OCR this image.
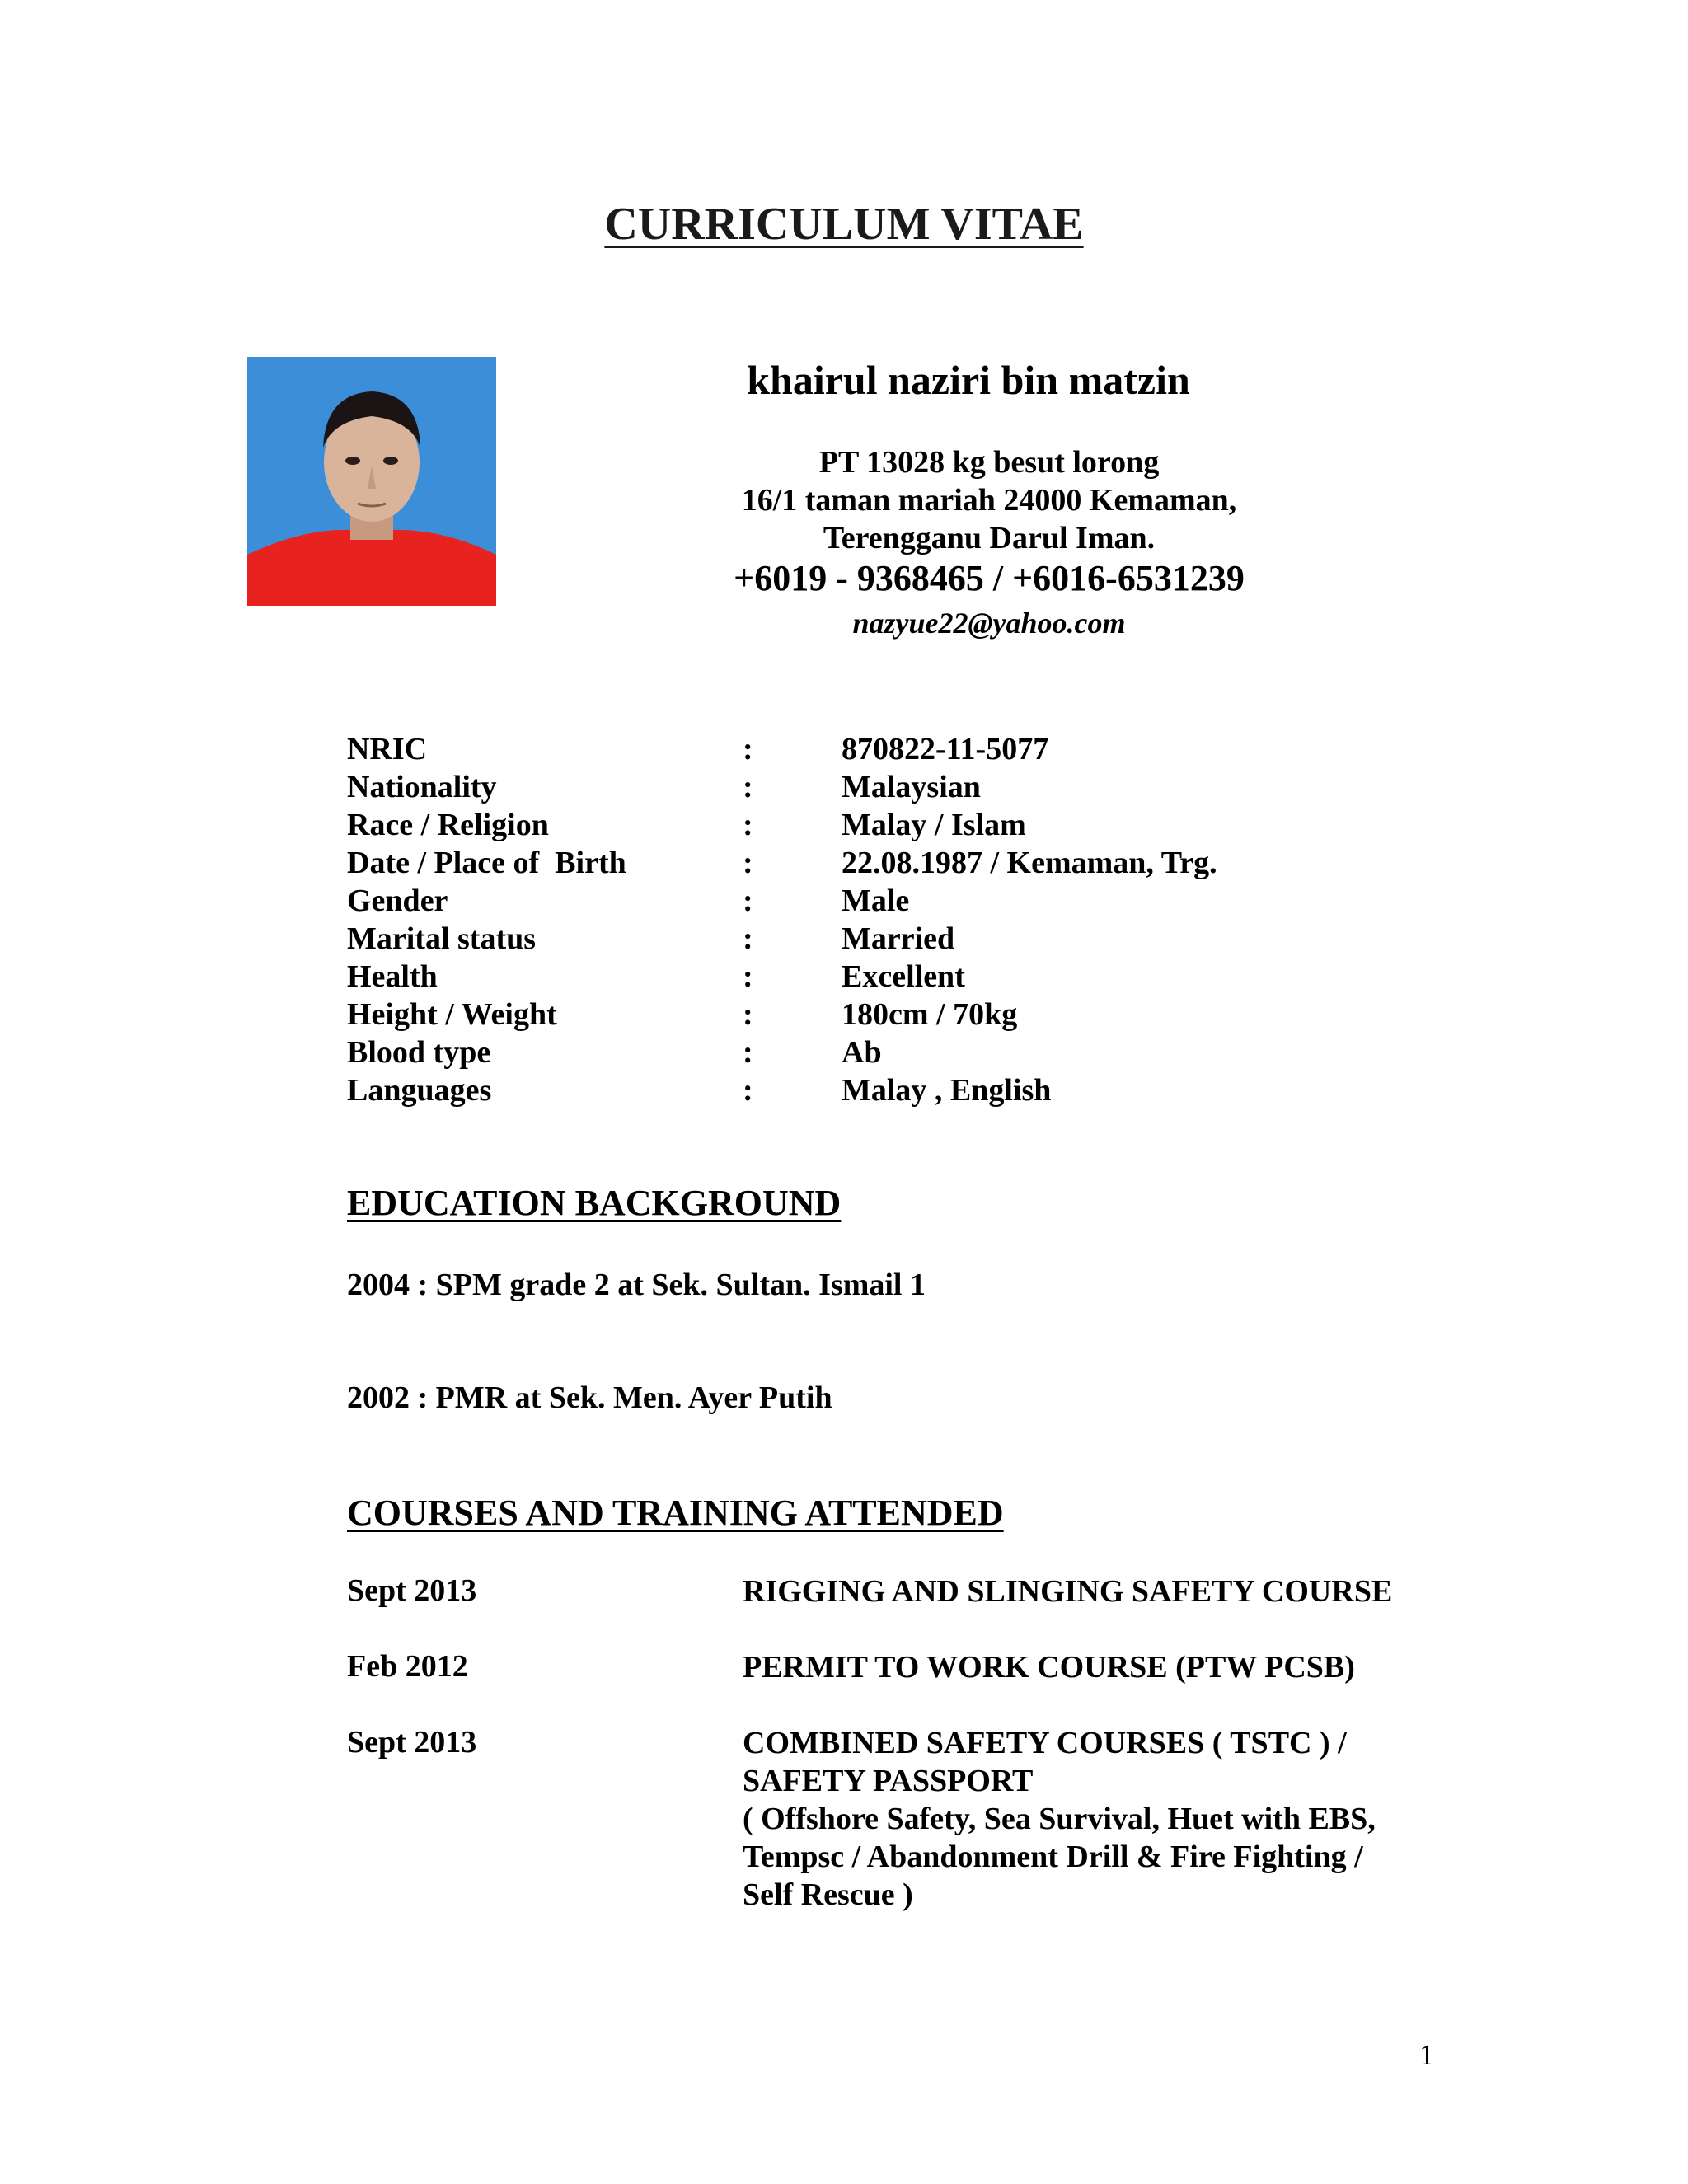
CURRICULUM VITAE
khairul naziri bin matzin
PT 13028 kg besut lorong
16/1 taman mariah 24000 Kemaman,
Terengganu Darul Iman.
+6019 - 9368465 / +6016-6531239
nazyue22@yahoo.com
NRIC	:	870822-11-5077
Nationality	:	Malaysian
Race / Religion	:	Malay / Islam
Date / Place of  Birth	:	22.08.1987 / Kemaman, Trg.
Gender	:	Male
Marital status	:	Married
Health	:	Excellent
Height / Weight	:	180cm / 70kg
Blood type	:	Ab
Languages	:	Malay , English
EDUCATION BACKGROUND
2004 : SPM grade 2 at Sek. Sultan. Ismail 1
2002 : PMR at Sek. Men. Ayer Putih
COURSES AND TRAINING ATTENDED
Sept 2013	RIGGING AND SLINGING SAFETY COURSE
Feb 2012	PERMIT TO WORK COURSE (PTW PCSB)
Sept 2013	COMBINED SAFETY COURSES ( TSTC ) /
SAFETY PASSPORT
( Offshore Safety, Sea Survival, Huet with EBS,
Tempsc / Abandonment Drill & Fire Fighting /
Self Rescue )
1
